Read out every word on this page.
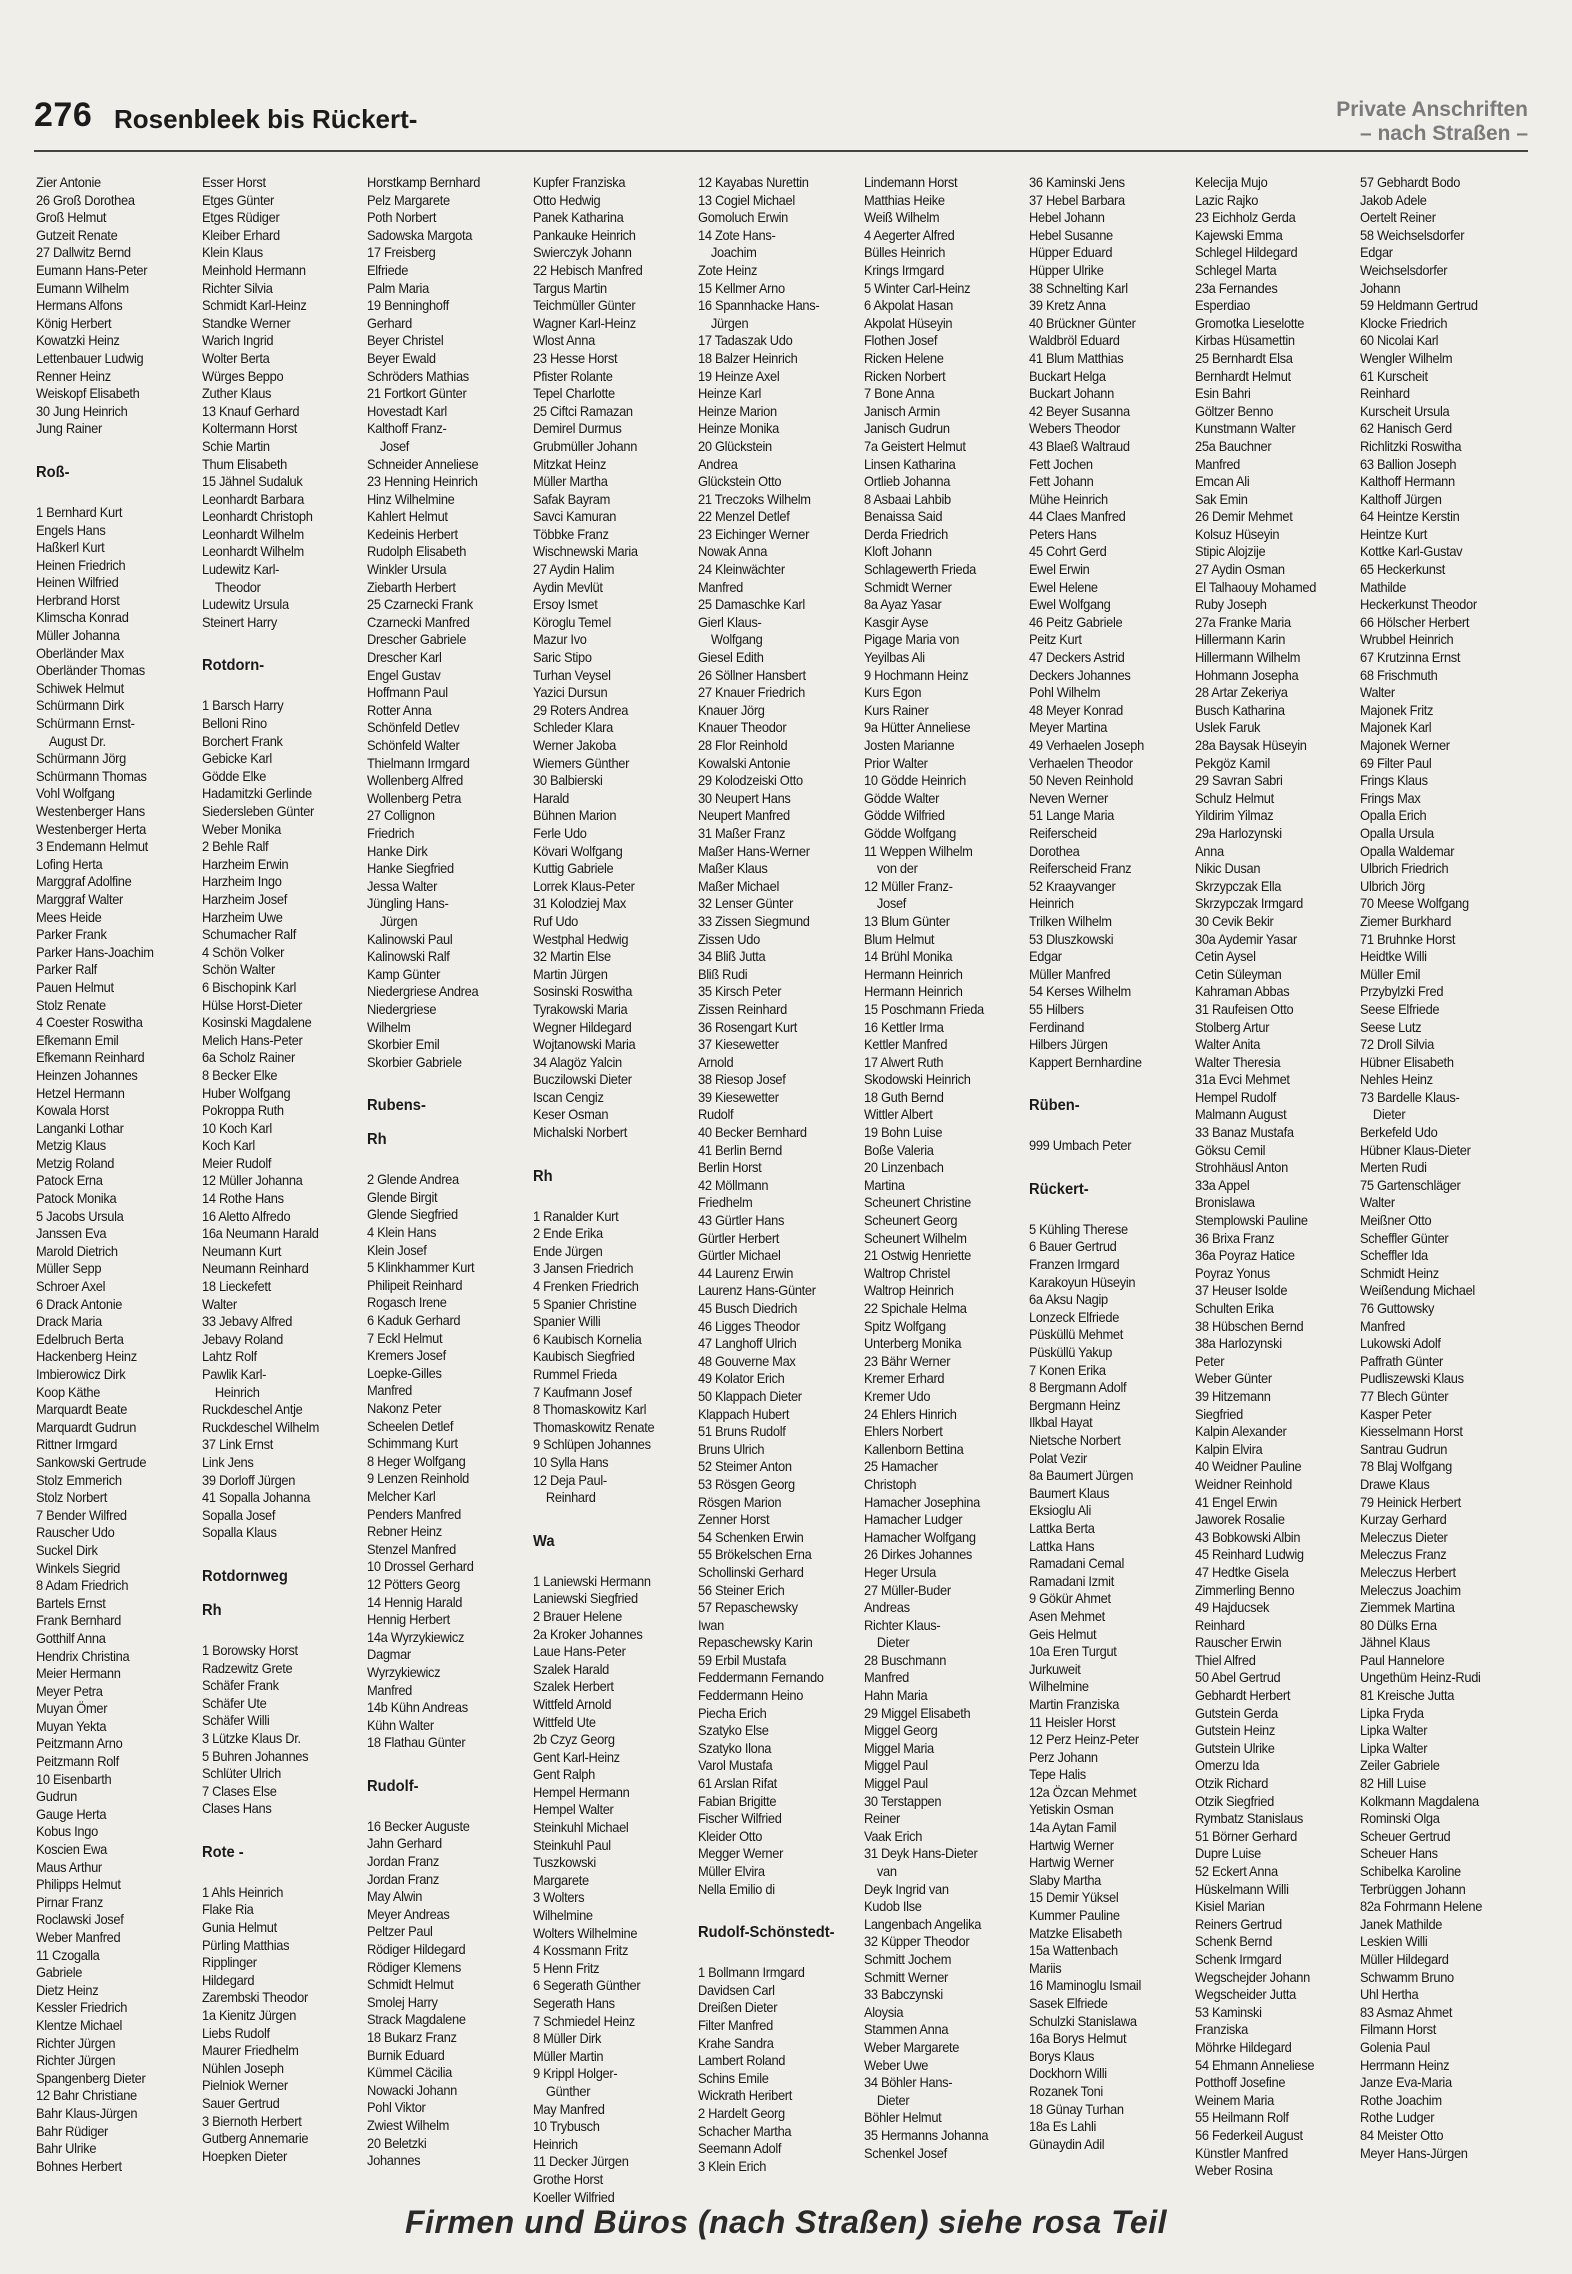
276 Rosenbleek bis Rückert-	Private Anschriften
– nach Straßen –
Zier Antonie
26 Groß Dorothea
Groß Helmut
Gutzeit Renate
27 Dallwitz Bernd
Eumann Hans-Peter
Eumann Wilhelm
Hermans Alfons
König Herbert
Kowatzki Heinz
Lettenbauer Ludwig
Renner Heinz
Weiskopf Elisabeth
30 Jung Heinrich
Jung Rainer
Roß-
1 Bernhard Kurt
Engels Hans
Haßkerl Kurt
Heinen Friedrich
Heinen Wilfried
Herbrand Horst
Klimscha Konrad
Müller Johanna
Oberländer Max
Oberländer Thomas
Schiwek Helmut
Schürmann Dirk
Schürmann Ernst-
August Dr.
Schürmann Jörg
Schürmann Thomas
Vohl Wolfgang
Westenberger Hans
Westenberger Herta
3 Endemann Helmut
Lofing Herta
Marggraf Adolfine
Marggraf Walter
Mees Heide
Parker Frank
Parker Hans-Joachim
Parker Ralf
Pauen Helmut
Stolz Renate
4 Coester Roswitha
Efkemann Emil
Efkemann Reinhard
Heinzen Johannes
Hetzel Hermann
Kowala Horst
Langanki Lothar
Metzig Klaus
Metzig Roland
Patock Erna
Patock Monika
5 Jacobs Ursula
Janssen Eva
Marold Dietrich
Müller Sepp
Schroer Axel
6 Drack Antonie
Drack Maria
Edelbruch Berta
Hackenberg Heinz
Imbierowicz Dirk
Koop Käthe
Marquardt Beate
Marquardt Gudrun
Rittner Irmgard
Sankowski Gertrude
Stolz Emmerich
Stolz Norbert
7 Bender Wilfred
Rauscher Udo
Suckel Dirk
Winkels Siegrid
8 Adam Friedrich
Bartels Ernst
Frank Bernhard
Gotthilf Anna
Hendrix Christina
Meier Hermann
Meyer Petra
Muyan Ömer
Muyan Yekta
Peitzmann Arno
Peitzmann Rolf
10 Eisenbarth
Gudrun
Gauge Herta
Kobus Ingo
Koscien Ewa
Maus Arthur
Philipps Helmut
Pirnar Franz
Roclawski Josef
Weber Manfred
11 Czogalla
Gabriele
Dietz Heinz
Kessler Friedrich
Klentze Michael
Richter Jürgen
Richter Jürgen
Spangenberg Dieter
12 Bahr Christiane
Bahr Klaus-Jürgen
Bahr Rüdiger
Bahr Ulrike
Bohnes Herbert
Esser Horst
Etges Günter
Etges Rüdiger
Kleiber Erhard
Klein Klaus
Meinhold Hermann
Richter Silvia
Schmidt Karl-Heinz
Standke Werner
Warich Ingrid
Wolter Berta
Würges Beppo
Zuther Klaus
13 Knauf Gerhard
Koltermann Horst
Schie Martin
Thum Elisabeth
15 Jähnel Sudaluk
Leonhardt Barbara
Leonhardt Christoph
Leonhardt Wilhelm
Leonhardt Wilhelm
Ludewitz Karl-
Theodor
Ludewitz Ursula
Steinert Harry
Rotdorn-
1 Barsch Harry
Belloni Rino
Borchert Frank
Gebicke Karl
Gödde Elke
Hadamitzki Gerlinde
Siedersleben Günter
Weber Monika
2 Behle Ralf
Harzheim Erwin
Harzheim Ingo
Harzheim Josef
Harzheim Uwe
Schumacher Ralf
4 Schön Volker
Schön Walter
6 Bischopink Karl
Hülse Horst-Dieter
Kosinski Magdalene
Melich Hans-Peter
6a Scholz Rainer
8 Becker Elke
Huber Wolfgang
Pokroppa Ruth
10 Koch Karl
Koch Karl
Meier Rudolf
12 Müller Johanna
14 Rothe Hans
16 Aletto Alfredo
16a Neumann Harald
Neumann Kurt
Neumann Reinhard
18 Lieckefett
Walter
33 Jebavy Alfred
Jebavy Roland
Lahtz Rolf
Pawlik Karl-
Heinrich
Ruckdeschel Antje
Ruckdeschel Wilhelm
37 Link Ernst
Link Jens
39 Dorloff Jürgen
41 Sopalla Johanna
Sopalla Josef
Sopalla Klaus
Rotdornweg
Rh
1 Borowsky Horst
Radzewitz Grete
Schäfer Frank
Schäfer Ute
Schäfer Willi
3 Lützke Klaus Dr.
5 Buhren Johannes
Schlüter Ulrich
7 Clases Else
Clases Hans
Rote -
1 Ahls Heinrich
Flake Ria
Gunia Helmut
Pürling Matthias
Ripplinger
Hildegard
Zarembski Theodor
1a Kienitz Jürgen
Liebs Rudolf
Maurer Friedhelm
Nühlen Joseph
Pielniok Werner
Sauer Gertrud
3 Biernoth Herbert
Gutberg Annemarie
Hoepken Dieter
Horstkamp Bernhard
Pelz Margarete
Poth Norbert
Sadowska Margota
17 Freisberg
Elfriede
Palm Maria
19 Benninghoff
Gerhard
Beyer Christel
Beyer Ewald
Schröders Mathias
21 Fortkort Günter
Hovestadt Karl
Kalthoff Franz-
Josef
Schneider Anneliese
23 Henning Heinrich
Hinz Wilhelmine
Kahlert Helmut
Kedeinis Herbert
Rudolph Elisabeth
Winkler Ursula
Ziebarth Herbert
25 Czarnecki Frank
Czarnecki Manfred
Drescher Gabriele
Drescher Karl
Engel Gustav
Hoffmann Paul
Rotter Anna
Schönfeld Detlev
Schönfeld Walter
Thielmann Irmgard
Wollenberg Alfred
Wollenberg Petra
27 Collignon
Friedrich
Hanke Dirk
Hanke Siegfried
Jessa Walter
Jüngling Hans-
Jürgen
Kalinowski Paul
Kalinowski Ralf
Kamp Günter
Niedergriese Andrea
Niedergriese
Wilhelm
Skorbier Emil
Skorbier Gabriele
Rubens-
Rh
2 Glende Andrea
Glende Birgit
Glende Siegfried
4 Klein Hans
Klein Josef
5 Klinkhammer Kurt
Philipeit Reinhard
Rogasch Irene
6 Kaduk Gerhard
7 Eckl Helmut
Kremers Josef
Loepke-Gilles
Manfred
Nakonz Peter
Scheelen Detlef
Schimmang Kurt
8 Heger Wolfgang
9 Lenzen Reinhold
Melcher Karl
Penders Manfred
Rebner Heinz
Stenzel Manfred
10 Drossel Gerhard
12 Pötters Georg
14 Hennig Harald
Hennig Herbert
14a Wyrzykiewicz
Dagmar
Wyrzykiewicz
Manfred
14b Kühn Andreas
Kühn Walter
18 Flathau Günter
Rudolf-
16 Becker Auguste
Jahn Gerhard
Jordan Franz
Jordan Franz
May Alwin
Meyer Andreas
Peltzer Paul
Rödiger Hildegard
Rödiger Klemens
Schmidt Helmut
Smolej Harry
Strack Magdalene
18 Bukarz Franz
Burnik Eduard
Kümmel Cäcilia
Nowacki Johann
Pohl Viktor
Zwiest Wilhelm
20 Beletzki
Johannes
Kupfer Franziska
Otto Hedwig
Panek Katharina
Pankauke Heinrich
Swierczyk Johann
22 Hebisch Manfred
Targus Martin
Teichmüller Günter
Wagner Karl-Heinz
Wlost Anna
23 Hesse Horst
Pfister Rolante
Tepel Charlotte
25 Ciftci Ramazan
Demirel Durmus
Grubmüller Johann
Mitzkat Heinz
Müller Martha
Safak Bayram
Savci Kamuran
Többke Franz
Wischnewski Maria
27 Aydin Halim
Aydin Mevlüt
Ersoy Ismet
Köroglu Temel
Mazur Ivo
Saric Stipo
Turhan Veysel
Yazici Dursun
29 Roters Andrea
Schleder Klara
Werner Jakoba
Wiemers Günther
30 Balbierski
Harald
Bühnen Marion
Ferle Udo
Kövari Wolfgang
Kuttig Gabriele
Lorrek Klaus-Peter
31 Kolodziej Max
Ruf Udo
Westphal Hedwig
32 Martin Else
Martin Jürgen
Sosinski Roswitha
Tyrakowski Maria
Wegner Hildegard
Wojtanowski Maria
34 Alagöz Yalcin
Buczilowski Dieter
Iscan Cengiz
Keser Osman
Michalski Norbert
Rh
1 Ranalder Kurt
2 Ende Erika
Ende Jürgen
3 Jansen Friedrich
4 Frenken Friedrich
5 Spanier Christine
Spanier Willi
6 Kaubisch Kornelia
Kaubisch Siegfried
Rummel Frieda
7 Kaufmann Josef
8 Thomaskowitz Karl
Thomaskowitz Renate
9 Schlüpen Johannes
10 Sylla Hans
12 Deja Paul-
Reinhard
Wa
1 Laniewski Hermann
Laniewski Siegfried
2 Brauer Helene
2a Kroker Johannes
Laue Hans-Peter
Szalek Harald
Szalek Herbert
Wittfeld Arnold
Wittfeld Ute
2b Czyz Georg
Gent Karl-Heinz
Gent Ralph
Hempel Hermann
Hempel Walter
Steinkuhl Michael
Steinkuhl Paul
Tuszkowski
Margarete
3 Wolters
Wilhelmine
Wolters Wilhelmine
4 Kossmann Fritz
5 Henn Fritz
6 Segerath Günther
Segerath Hans
7 Schmiedel Heinz
8 Müller Dirk
Müller Martin
9 Krippl Holger-
Günther
May Manfred
10 Trybusch
Heinrich
11 Decker Jürgen
Grothe Horst
Koeller Wilfried
12 Kayabas Nurettin
13 Cogiel Michael
Gomoluch Erwin
14 Zote Hans-
Joachim
Zote Heinz
15 Kellmer Arno
16 Spannhacke Hans-
Jürgen
17 Tadaszak Udo
18 Balzer Heinrich
19 Heinze Axel
Heinze Karl
Heinze Marion
Heinze Monika
20 Glückstein
Andrea
Glückstein Otto
21 Treczoks Wilhelm
22 Menzel Detlef
23 Eichinger Werner
Nowak Anna
24 Kleinwächter
Manfred
25 Damaschke Karl
Gierl Klaus-
Wolfgang
Giesel Edith
26 Söllner Hansbert
27 Knauer Friedrich
Knauer Jörg
Knauer Theodor
28 Flor Reinhold
Kowalski Antonie
29 Kolodzeiski Otto
30 Neupert Hans
Neupert Manfred
31 Maßer Franz
Maßer Hans-Werner
Maßer Klaus
Maßer Michael
32 Lenser Günter
33 Zissen Siegmund
Zissen Udo
34 Bliß Jutta
Bliß Rudi
35 Kirsch Peter
Zissen Reinhard
36 Rosengart Kurt
37 Kiesewetter
Arnold
38 Riesop Josef
39 Kiesewetter
Rudolf
40 Becker Bernhard
41 Berlin Bernd
Berlin Horst
42 Möllmann
Friedhelm
43 Gürtler Hans
Gürtler Herbert
Gürtler Michael
44 Laurenz Erwin
Laurenz Hans-Günter
45 Busch Diedrich
46 Ligges Theodor
47 Langhoff Ulrich
48 Gouverne Max
49 Kolator Erich
50 Klappach Dieter
Klappach Hubert
51 Bruns Rudolf
Bruns Ulrich
52 Steimer Anton
53 Rösgen Georg
Rösgen Marion
Zenner Horst
54 Schenken Erwin
55 Brökelschen Erna
Schollinski Gerhard
56 Steiner Erich
57 Repaschewsky
Iwan
Repaschewsky Karin
59 Erbil Mustafa
Feddermann Fernando
Feddermann Heino
Piecha Erich
Szatyko Else
Szatyko Ilona
Varol Mustafa
61 Arslan Rifat
Fabian Brigitte
Fischer Wilfried
Kleider Otto
Megger Werner
Müller Elvira
Nella Emilio di
Rudolf-Schönstedt-
1 Bollmann Irmgard
Davidsen Carl
Dreißen Dieter
Filter Manfred
Krahe Sandra
Lambert Roland
Schins Emile
Wickrath Heribert
2 Hardelt Georg
Schacher Martha
Seemann Adolf
3 Klein Erich
Lindemann Horst
Matthias Heike
Weiß Wilhelm
4 Aegerter Alfred
Bülles Heinrich
Krings Irmgard
5 Winter Carl-Heinz
6 Akpolat Hasan
Akpolat Hüseyin
Flothen Josef
Ricken Helene
Ricken Norbert
7 Bone Anna
Janisch Armin
Janisch Gudrun
7a Geistert Helmut
Linsen Katharina
Ortlieb Johanna
8 Asbaai Lahbib
Benaissa Said
Derda Friedrich
Kloft Johann
Schlagewerth Frieda
Schmidt Werner
8a Ayaz Yasar
Kasgir Ayse
Pigage Maria von
Yeyilbas Ali
9 Hochmann Heinz
Kurs Egon
Kurs Rainer
9a Hütter Anneliese
Josten Marianne
Prior Walter
10 Gödde Heinrich
Gödde Walter
Gödde Wilfried
Gödde Wolfgang
11 Weppen Wilhelm
von der
12 Müller Franz-
Josef
13 Blum Günter
Blum Helmut
14 Brühl Monika
Hermann Heinrich
Hermann Heinrich
15 Poschmann Frieda
16 Kettler Irma
Kettler Manfred
17 Alwert Ruth
Skodowski Heinrich
18 Guth Bernd
Wittler Albert
19 Bohn Luise
Boße Valeria
20 Linzenbach
Martina
Scheunert Christine
Scheunert Georg
Scheunert Wilhelm
21 Ostwig Henriette
Waltrop Christel
Waltrop Heinrich
22 Spichale Helma
Spitz Wolfgang
Unterberg Monika
23 Bähr Werner
Kremer Erhard
Kremer Udo
24 Ehlers Hinrich
Ehlers Norbert
Kallenborn Bettina
25 Hamacher
Christoph
Hamacher Josephina
Hamacher Ludger
Hamacher Wolfgang
26 Dirkes Johannes
Heger Ursula
27 Müller-Buder
Andreas
Richter Klaus-
Dieter
28 Buschmann
Manfred
Hahn Maria
29 Miggel Elisabeth
Miggel Georg
Miggel Maria
Miggel Paul
Miggel Paul
30 Terstappen
Reiner
Vaak Erich
31 Deyk Hans-Dieter
van
Deyk Ingrid van
Kudob Ilse
Langenbach Angelika
32 Küpper Theodor
Schmitt Jochem
Schmitt Werner
33 Babczynski
Aloysia
Stammen Anna
Weber Margarete
Weber Uwe
34 Böhler Hans-
Dieter
Böhler Helmut
35 Hermanns Johanna
Schenkel Josef
36 Kaminski Jens
37 Hebel Barbara
Hebel Johann
Hebel Susanne
Hüpper Eduard
Hüpper Ulrike
38 Schnelting Karl
39 Kretz Anna
40 Brückner Günter
Waldbröl Eduard
41 Blum Matthias
Buckart Helga
Buckart Johann
42 Beyer Susanna
Webers Theodor
43 Blaeß Waltraud
Fett Jochen
Fett Johann
Mühe Heinrich
44 Claes Manfred
Peters Hans
45 Cohrt Gerd
Ewel Erwin
Ewel Helene
Ewel Wolfgang
46 Peitz Gabriele
Peitz Kurt
47 Deckers Astrid
Deckers Johannes
Pohl Wilhelm
48 Meyer Konrad
Meyer Martina
49 Verhaelen Joseph
Verhaelen Theodor
50 Neven Reinhold
Neven Werner
51 Lange Maria
Reiferscheid
Dorothea
Reiferscheid Franz
52 Kraayvanger
Heinrich
Trilken Wilhelm
53 Dluszkowski
Edgar
Müller Manfred
54 Kerses Wilhelm
55 Hilbers
Ferdinand
Hilbers Jürgen
Kappert Bernhardine
Rüben-
999 Umbach Peter
Rückert-
5 Kühling Therese
6 Bauer Gertrud
Franzen Irmgard
Karakoyun Hüseyin
6a Aksu Nagip
Lonzeck Elfriede
Püsküllü Mehmet
Püsküllü Yakup
7 Konen Erika
8 Bergmann Adolf
Bergmann Heinz
Ilkbal Hayat
Nietsche Norbert
Polat Vezir
8a Baumert Jürgen
Baumert Klaus
Eksioglu Ali
Lattka Berta
Lattka Hans
Ramadani Cemal
Ramadani Izmit
9 Gökür Ahmet
Asen Mehmet
Geis Helmut
10a Eren Turgut
Jurkuweit
Wilhelmine
Martin Franziska
11 Heisler Horst
12 Perz Heinz-Peter
Perz Johann
Tepe Halis
12a Özcan Mehmet
Yetiskin Osman
14a Aytan Famil
Hartwig Werner
Hartwig Werner
Slaby Martha
15 Demir Yüksel
Kummer Pauline
Matzke Elisabeth
15a Wattenbach
Mariis
16 Maminoglu Ismail
Sasek Elfriede
Schulzki Stanislawa
16a Borys Helmut
Borys Klaus
Dockhorn Willi
Rozanek Toni
18 Günay Turhan
18a Es Lahli
Günaydin Adil
Kelecija Mujo
Lazic Rajko
23 Eichholz Gerda
Kajewski Emma
Schlegel Hildegard
Schlegel Marta
23a Fernandes
Esperdiao
Gromotka Lieselotte
Kirbas Hüsamettin
25 Bernhardt Elsa
Bernhardt Helmut
Esin Bahri
Göltzer Benno
Kunstmann Walter
25a Bauchner
Manfred
Emcan Ali
Sak Emin
26 Demir Mehmet
Kolsuz Hüseyin
Stipic Alojzije
27 Aydin Osman
El Talhaouy Mohamed
Ruby Joseph
27a Franke Maria
Hillermann Karin
Hillermann Wilhelm
Hohmann Josepha
28 Artar Zekeriya
Busch Katharina
Uslek Faruk
28a Baysak Hüseyin
Pekgöz Kamil
29 Savran Sabri
Schulz Helmut
Yildirim Yilmaz
29a Harlozynski
Anna
Nikic Dusan
Skrzypczak Ella
Skrzypczak Irmgard
30 Cevik Bekir
30a Aydemir Yasar
Cetin Aysel
Cetin Süleyman
Kahraman Abbas
31 Raufeisen Otto
Stolberg Artur
Walter Anita
Walter Theresia
31a Evci Mehmet
Hempel Rudolf
Malmann August
33 Banaz Mustafa
Göksu Cemil
Strohhäusl Anton
33a Appel
Bronislawa
Stemplowski Pauline
36 Brixa Franz
36a Poyraz Hatice
Poyraz Yonus
37 Heuser Isolde
Schulten Erika
38 Hübschen Bernd
38a Harlozynski
Peter
Weber Günter
39 Hitzemann
Siegfried
Kalpin Alexander
Kalpin Elvira
40 Weidner Pauline
Weidner Reinhold
41 Engel Erwin
Jaworek Rosalie
43 Bobkowski Albin
45 Reinhard Ludwig
47 Hedtke Gisela
Zimmerling Benno
49 Hajducsek
Reinhard
Rauscher Erwin
Thiel Alfred
50 Abel Gertrud
Gebhardt Herbert
Gutstein Gerda
Gutstein Heinz
Gutstein Ulrike
Omerzu Ida
Otzik Richard
Otzik Siegfried
Rymbatz Stanislaus
51 Börner Gerhard
Dupre Luise
52 Eckert Anna
Hüskelmann Willi
Kisiel Marian
Reiners Gertrud
Schenk Bernd
Schenk Irmgard
Wegschejder Johann
Wegscheider Jutta
53 Kaminski
Franziska
Möhrke Hildegard
54 Ehmann Anneliese
Potthoff Josefine
Weinem Maria
55 Heilmann Rolf
56 Federkeil August
Künstler Manfred
Weber Rosina
57 Gebhardt Bodo
Jakob Adele
Oertelt Reiner
58 Weichselsdorfer
Edgar
Weichselsdorfer
Johann
59 Heldmann Gertrud
Klocke Friedrich
60 Nicolai Karl
Wengler Wilhelm
61 Kurscheit
Reinhard
Kurscheit Ursula
62 Hanisch Gerd
Richlitzki Roswitha
63 Ballion Joseph
Kalthoff Hermann
Kalthoff Jürgen
64 Heintze Kerstin
Heintze Kurt
Kottke Karl-Gustav
65 Heckerkunst
Mathilde
Heckerkunst Theodor
66 Hölscher Herbert
Wrubbel Heinrich
67 Krutzinna Ernst
68 Frischmuth
Walter
Majonek Fritz
Majonek Karl
Majonek Werner
69 Filter Paul
Frings Klaus
Frings Max
Opalla Erich
Opalla Ursula
Opalla Waldemar
Ulbrich Friedrich
Ulbrich Jörg
70 Meese Wolfgang
Ziemer Burkhard
71 Bruhnke Horst
Heidtke Willi
Müller Emil
Przybylzki Fred
Seese Elfriede
Seese Lutz
72 Droll Silvia
Hübner Elisabeth
Nehles Heinz
73 Bardelle Klaus-
Dieter
Berkefeld Udo
Hübner Klaus-Dieter
Merten Rudi
75 Gartenschläger
Walter
Meißner Otto
Scheffler Günter
Scheffler Ida
Schmidt Heinz
Weißendung Michael
76 Guttowsky
Manfred
Lukowski Adolf
Paffrath Günter
Pudliszewski Klaus
77 Blech Günter
Kasper Peter
Kiesselmann Horst
Santrau Gudrun
78 Blaj Wolfgang
Drawe Klaus
79 Heinick Herbert
Kurzay Gerhard
Meleczus Dieter
Meleczus Franz
Meleczus Herbert
Meleczus Joachim
Ziemmek Martina
80 Dülks Erna
Jähnel Klaus
Paul Hannelore
Ungethüm Heinz-Rudi
81 Kreische Jutta
Lipka Fryda
Lipka Walter
Lipka Walter
Zeiler Gabriele
82 Hill Luise
Kolkmann Magdalena
Rominski Olga
Scheuer Gertrud
Scheuer Hans
Schibelka Karoline
Terbrüggen Johann
82a Fohrmann Helene
Janek Mathilde
Leskien Willi
Müller Hildegard
Schwamm Bruno
Uhl Hertha
83 Asmaz Ahmet
Filmann Horst
Golenia Paul
Herrmann Heinz
Janze Eva-Maria
Rothe Joachim
Rothe Ludger
84 Meister Otto
Meyer Hans-Jürgen
Firmen und Büros (nach Straßen) siehe rosa Teil
